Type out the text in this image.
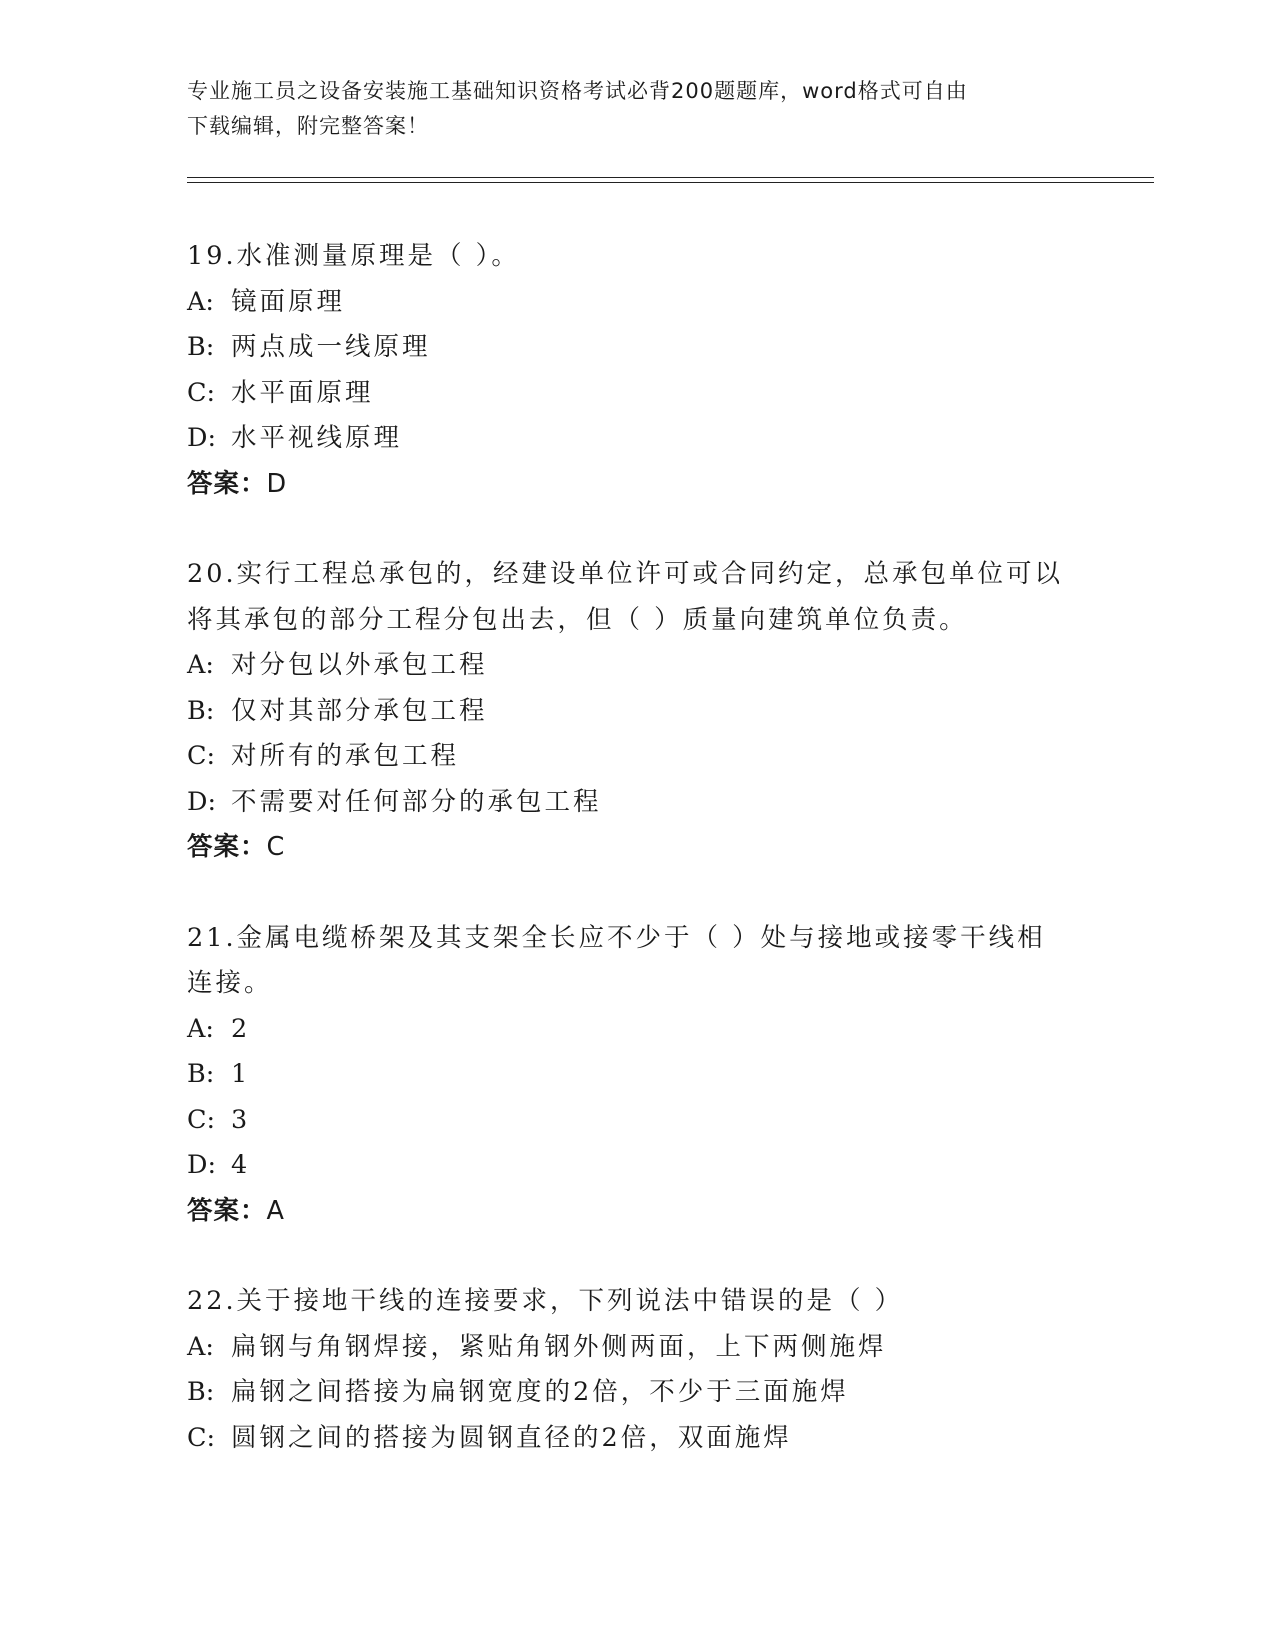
专业施工员之设备安装施工基础知识资格考试必背200题题库，word格式可自由
下载编辑，附完整答案！

19.水准测量原理是（ ）。

A: 镜面原理

B: 两点成一线原理

C: 水平面原理

D: 水平视线原理

答案：D

20.实行工程总承包的，经建设单位许可或合同约定，总承包单位可以

将其承包的部分工程分包出去，但（ ）质量向建筑单位负责。

A: 对分包以外承包工程

B: 仅对其部分承包工程

C: 对所有的承包工程

D: 不需要对任何部分的承包工程

答案：C

21.金属电缆桥架及其支架全长应不少于（ ）处与接地或接零干线相

连接。

A: 2

B: 1

C: 3

D: 4

答案：A

22.关于接地干线的连接要求，下列说法中错误的是（ ）

A: 扁钢与角钢焊接，紧贴角钢外侧两面，上下两侧施焊

B: 扁钢之间搭接为扁钢宽度的2倍，不少于三面施焊

C: 圆钢之间的搭接为圆钢直径的2倍，双面施焊
